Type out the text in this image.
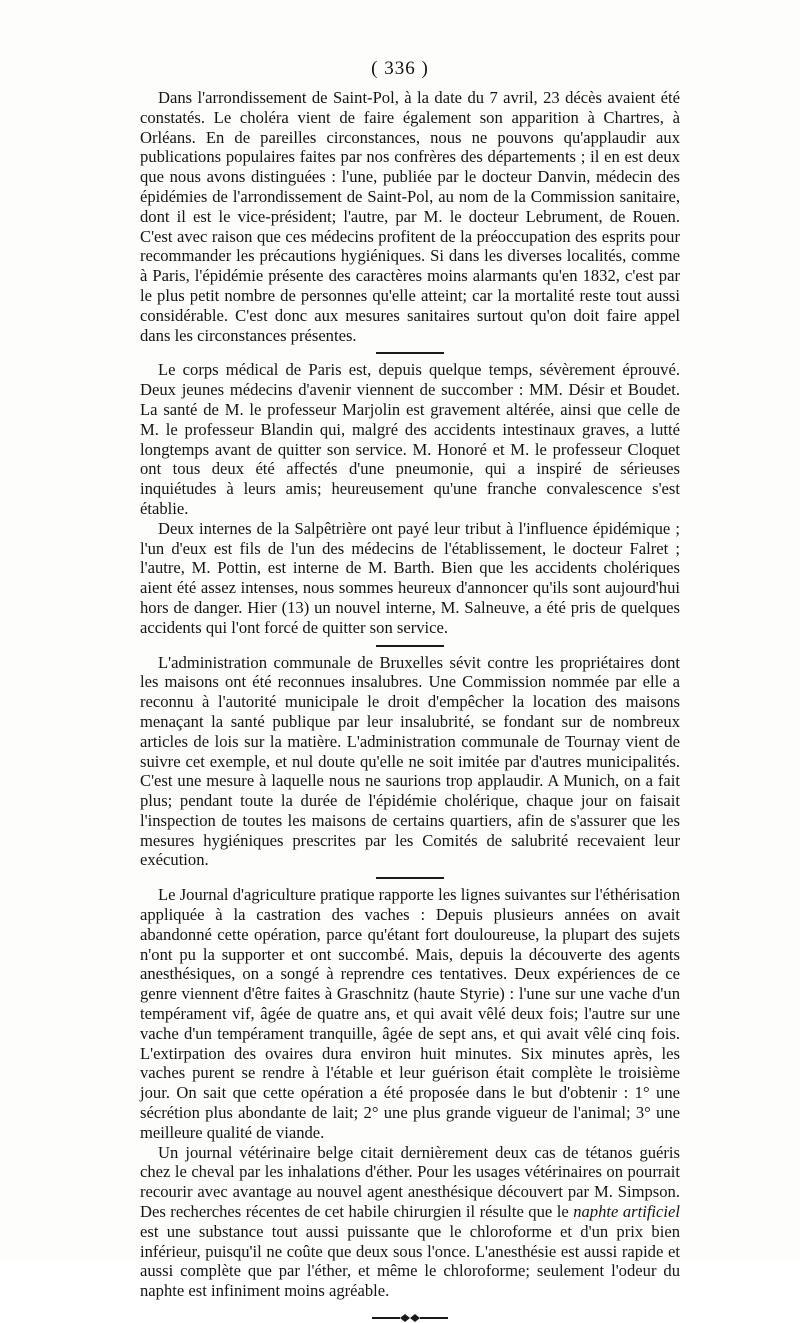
( 336 )

Dans l'arrondissement de Saint-Pol, à la date du 7 avril, 23 décès avaient été constatés. Le choléra vient de faire également son apparition à Chartres, à Orléans. En de pareilles circonstances, nous ne pouvons qu'applaudir aux publications populaires faites par nos confrères des départements ; il en est deux que nous avons distinguées : l'une, publiée par le docteur Danvin, médecin des épidémies de l'arrondissement de Saint-Pol, au nom de la Commission sanitaire, dont il est le vice-président; l'autre, par M. le docteur Lebrument, de Rouen. C'est avec raison que ces médecins profitent de la préoccupation des esprits pour recommander les précautions hygiéniques. Si dans les diverses localités, comme à Paris, l'épidémie présente des caractères moins alarmants qu'en 1832, c'est par le plus petit nombre de personnes qu'elle atteint; car la mortalité reste tout aussi considérable. C'est donc aux mesures sanitaires surtout qu'on doit faire appel dans les circonstances présentes.

Le corps médical de Paris est, depuis quelque temps, sévèrement éprouvé. Deux jeunes médecins d'avenir viennent de succomber : MM. Désir et Boudet. La santé de M. le professeur Marjolin est gravement altérée, ainsi que celle de M. le professeur Blandin qui, malgré des accidents intestinaux graves, a lutté longtemps avant de quitter son service. M. Honoré et M. le professeur Cloquet ont tous deux été affectés d'une pneumonie, qui a inspiré de sérieuses inquiétudes à leurs amis; heureusement qu'une franche convalescence s'est établie.

Deux internes de la Salpêtrière ont payé leur tribut à l'influence épidémique ; l'un d'eux est fils de l'un des médecins de l'établissement, le docteur Falret ; l'autre, M. Pottin, est interne de M. Barth. Bien que les accidents cholériques aient été assez intenses, nous sommes heureux d'annoncer qu'ils sont aujourd'hui hors de danger. Hier (13) un nouvel interne, M. Salneuve, a été pris de quelques accidents qui l'ont forcé de quitter son service.

L'administration communale de Bruxelles sévit contre les propriétaires dont les maisons ont été reconnues insalubres. Une Commission nommée par elle a reconnu à l'autorité municipale le droit d'empêcher la location des maisons menaçant la santé publique par leur insalubrité, se fondant sur de nombreux articles de lois sur la matière. L'administration communale de Tournay vient de suivre cet exemple, et nul doute qu'elle ne soit imitée par d'autres municipalités. C'est une mesure à laquelle nous ne saurions trop applaudir. A Munich, on a fait plus; pendant toute la durée de l'épidémie cholérique, chaque jour on faisait l'inspection de toutes les maisons de certains quartiers, afin de s'assurer que les mesures hygiéniques prescrites par les Comités de salubrité recevaient leur exécution.

Le Journal d'agriculture pratique rapporte les lignes suivantes sur l'éthérisation appliquée à la castration des vaches : Depuis plusieurs années on avait abandonné cette opération, parce qu'étant fort douloureuse, la plupart des sujets n'ont pu la supporter et ont succombé. Mais, depuis la découverte des agents anesthésiques, on a songé à reprendre ces tentatives. Deux expériences de ce genre viennent d'être faites à Graschnitz (haute Styrie) : l'une sur une vache d'un tempérament vif, âgée de quatre ans, et qui avait vêlé deux fois; l'autre sur une vache d'un tempérament tranquille, âgée de sept ans, et qui avait vêlé cinq fois. L'extirpation des ovaires dura environ huit minutes. Six minutes après, les vaches purent se rendre à l'étable et leur guérison était complète le troisième jour. On sait que cette opération a été proposée dans le but d'obtenir : 1° une sécrétion plus abondante de lait; 2° une plus grande vigueur de l'animal; 3° une meilleure qualité de viande.

Un journal vétérinaire belge citait dernièrement deux cas de tétanos guéris chez le cheval par les inhalations d'éther. Pour les usages vétérinaires on pourrait recourir avec avantage au nouvel agent anesthésique découvert par M. Simpson. Des recherches récentes de cet habile chirurgien il résulte que le naphte artificiel est une substance tout aussi puissante que le chloroforme et d'un prix bien inférieur, puisqu'il ne coûte que deux sous l'once. L'anesthésie est aussi rapide et aussi complète que par l'éther, et même le chloroforme; seulement l'odeur du naphte est infiniment moins agréable.
